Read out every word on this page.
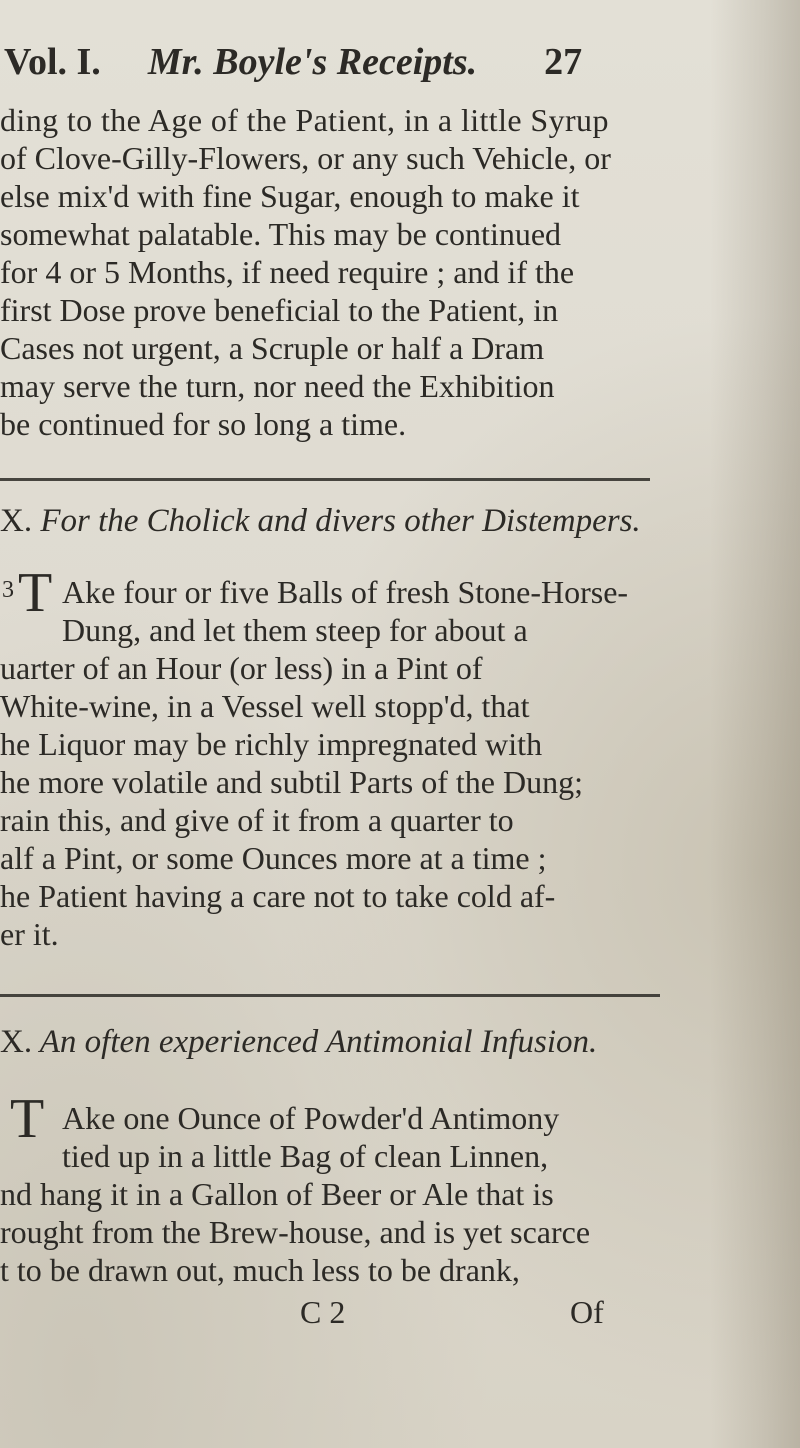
Vol. I. Mr. Boyle's Receipts. 27
ding to the Age of the Patient, in a little Syrup
of Clove-Gilly-Flowers, or any such Vehicle, or
else mix'd with fine Sugar, enough to make it
somewhat palatable. This may be continued
for 4 or 5 Months, if need require ; and if the
first Dose prove beneficial to the Patient, in
Cases not urgent, a Scruple or half a Dram
may serve the turn, nor need the Exhibition
be continued for so long a time.
X. For the Cholick and divers other Distempers.
3 T Ake four or five Balls of fresh Stone-Horse-
Dung, and let them steep for about a
uarter of an Hour (or less) in a Pint of
White-wine, in a Vessel well stopp'd, that
he Liquor may be richly impregnated with
he more volatile and subtil Parts of the Dung;
rain this, and give of it from a quarter to
alf a Pint, or some Ounces more at a time ;
he Patient having a care not to take cold af-
er it.
X. An often experienced Antimonial Infusion.
T Ake one Ounce of Powder'd Antimony
tied up in a little Bag of clean Linnen,
nd hang it in a Gallon of Beer or Ale that is
rought from the Brew-house, and is yet scarce
t to be drawn out, much less to be drank,
C 2	Of
